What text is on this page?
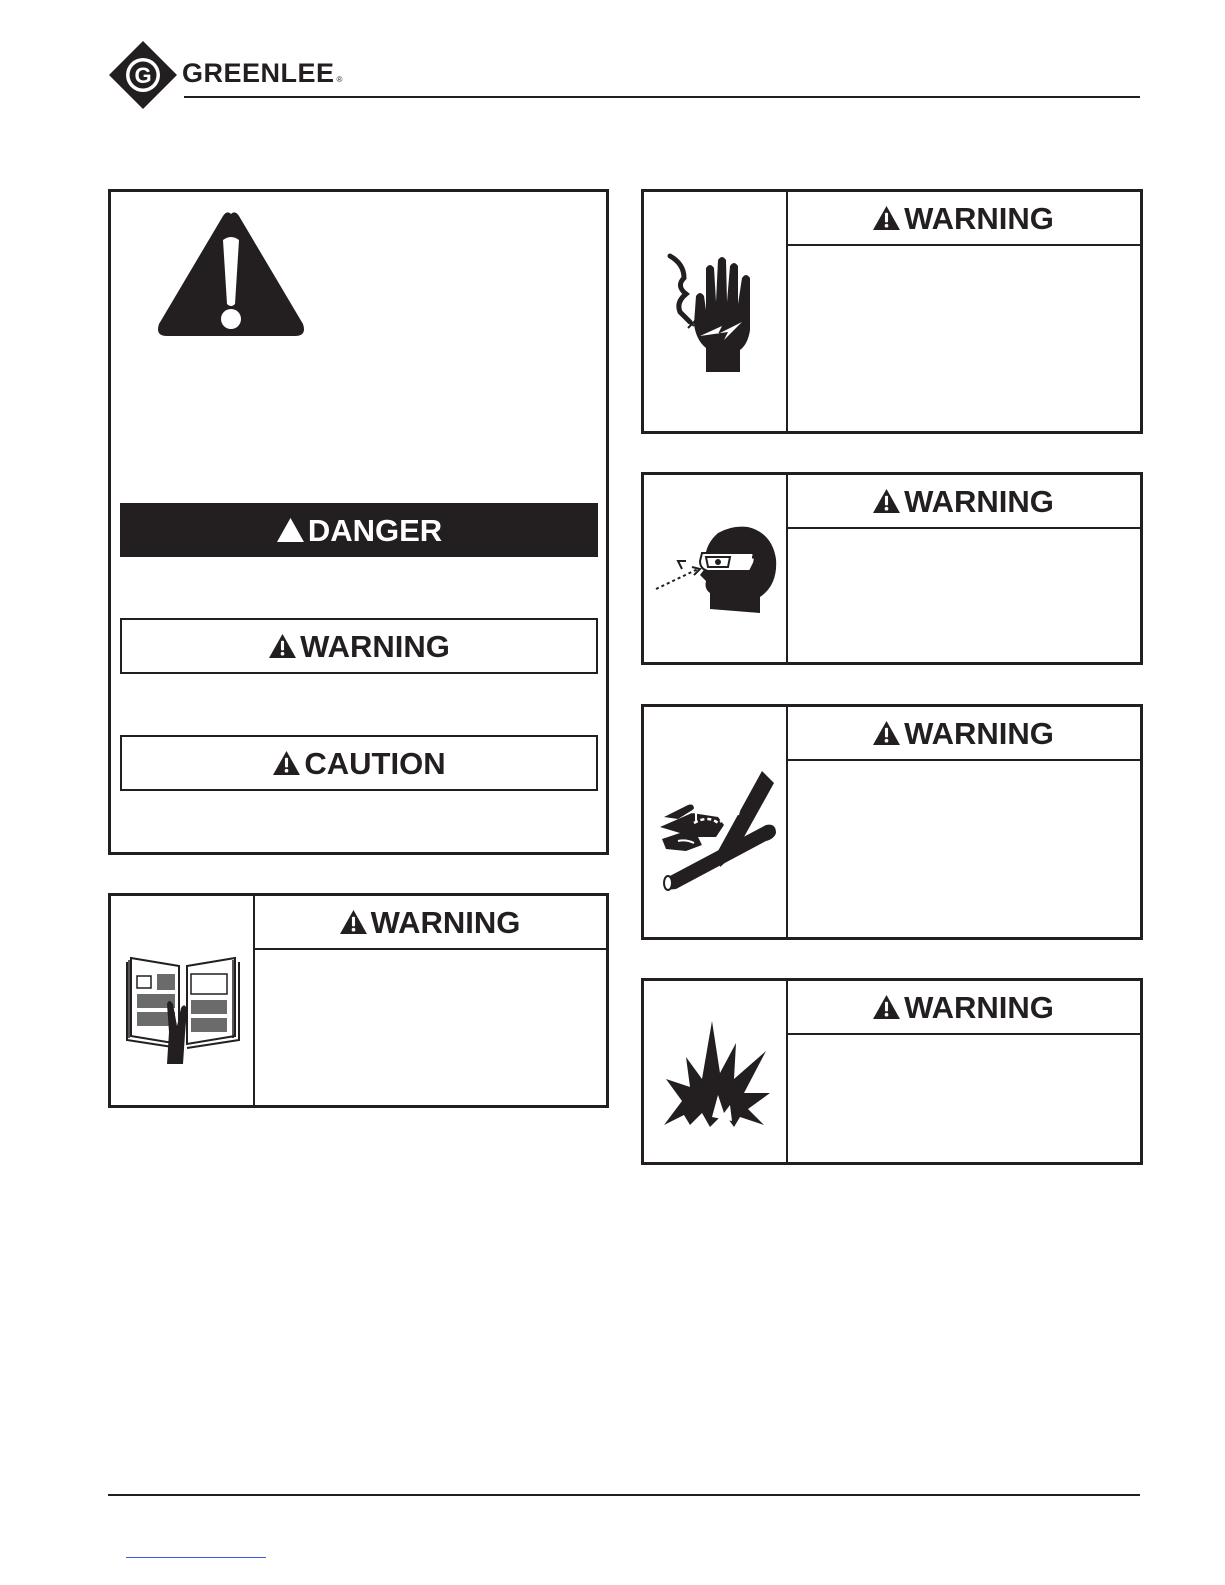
G GREENLEE ®
DANGER
WARNING
CAUTION
WARNING
WARNING
WARNING
WARNING
WARNING
